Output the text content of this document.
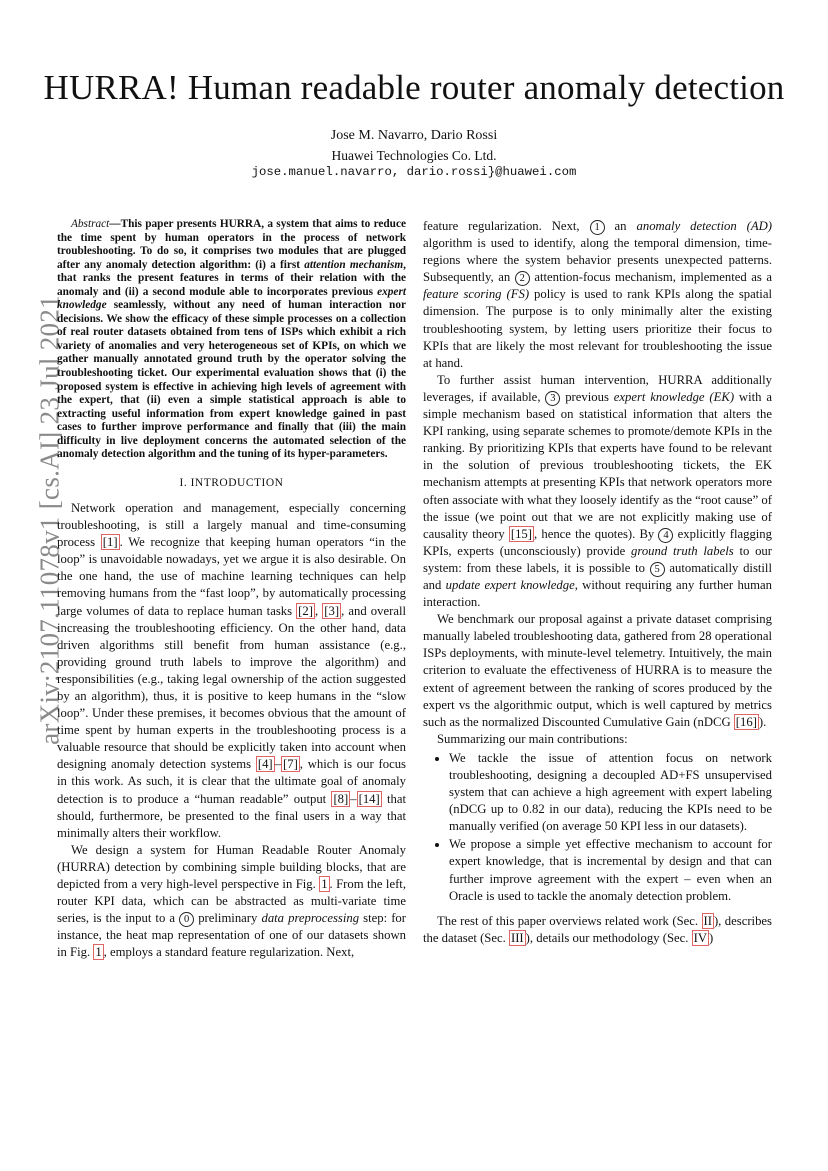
HURRA! Human readable router anomaly detection
Jose M. Navarro, Dario Rossi
Huawei Technologies Co. Ltd.
jose.manuel.navarro, dario.rossi}@huawei.com
arXiv:2107.11078v1 [cs.AI] 23 Jul 2021

Abstract—This paper presents HURRA, a system that aims to reduce the time spent by human operators in the process of network troubleshooting. To do so, it comprises two modules that are plugged after any anomaly detection algorithm: (i) a first attention mechanism, that ranks the present features in terms of their relation with the anomaly and (ii) a second module able to incorporates previous expert knowledge seamlessly, without any need of human interaction nor decisions. We show the efficacy of these simple processes on a collection of real router datasets obtained from tens of ISPs which exhibit a rich variety of anomalies and very heterogeneous set of KPIs, on which we gather manually annotated ground truth by the operator solving the troubleshooting ticket. Our experimental evaluation shows that (i) the proposed system is effective in achieving high levels of agreement with the expert, that (ii) even a simple statistical approach is able to extracting useful information from expert knowledge gained in past cases to further improve performance and finally that (iii) the main difficulty in live deployment concerns the automated selection of the anomaly detection algorithm and the tuning of its hyper-parameters.

I. INTRODUCTION

Network operation and management, especially concerning troubleshooting, is still a largely manual and time-consuming process [1] . We recognize that keeping human operators “in the loop” is unavoidable nowadays, yet we argue it is also desirable. On the one hand, the use of machine learning techniques can help removing humans from the “fast loop”, by automatically processing large volumes of data to replace human tasks [2] , [3] , and overall increasing the troubleshooting efficiency. On the other hand, data driven algorithms still benefit from human assistance (e.g., providing ground truth labels to improve the algorithm) and responsibilities (e.g., taking legal ownership of the action suggested by an algorithm), thus, it is positive to keep humans in the “slow loop”. Under these premises, it becomes obvious that the amount of time spent by human experts in the troubleshooting process is a valuable resource that should be explicitly taken into account when designing anomaly detection systems [4] – [7] , which is our focus in this work. As such, it is clear that the ultimate goal of anomaly detection is to produce a “human readable” output [8] – [14] that should, furthermore, be presented to the final users in a way that minimally alters their workflow.

We design a system for Human Readable Router Anomaly (HURRA) detection by combining simple building blocks, that are depicted from a very high-level perspective in Fig. 1 . From the left, router KPI data, which can be abstracted as multi-variate time series, is the input to a 0 preliminary data preprocessing step: for instance, the heat map representation of one of our datasets shown in Fig. 1 , employs a standard feature regularization. Next,

feature regularization. Next, 1 an anomaly detection (AD) algorithm is used to identify, along the temporal dimension, time-regions where the system behavior presents unexpected patterns. Subsequently, an 2 attention-focus mechanism, implemented as a feature scoring (FS) policy is used to rank KPIs along the spatial dimension. The purpose is to only minimally alter the existing troubleshooting system, by letting users prioritize their focus to KPIs that are likely the most relevant for troubleshooting the issue at hand.

To further assist human intervention, HURRA additionally leverages, if available, 3 previous expert knowledge (EK) with a simple mechanism based on statistical information that alters the KPI ranking, using separate schemes to promote/demote KPIs in the ranking. By prioritizing KPIs that experts have found to be relevant in the solution of previous troubleshooting tickets, the EK mechanism attempts at presenting KPIs that network operators more often associate with what they loosely identify as the “root cause” of the issue (we point out that we are not explicitly making use of causality theory [15] , hence the quotes). By 4 explicitly flagging KPIs, experts (unconsciously) provide ground truth labels to our system: from these labels, it is possible to 5 automatically distill and update expert knowledge, without requiring any further human interaction.

We benchmark our proposal against a private dataset comprising manually labeled troubleshooting data, gathered from 28 operational ISPs deployments, with minute-level telemetry. Intuitively, the main criterion to evaluate the effectiveness of HURRA is to measure the extent of agreement between the ranking of scores produced by the expert vs the algorithmic output, which is well captured by metrics such as the normalized Discounted Cumulative Gain (nDCG [16] ).

Summarizing our main contributions:

• We tackle the issue of attention focus on network troubleshooting, designing a decoupled AD+FS unsupervised system that can achieve a high agreement with expert labeling (nDCG up to 0.82 in our data), reducing the KPIs need to be manually verified (on average 50 KPI less in our datasets).
• We propose a simple yet effective mechanism to account for expert knowledge, that is incremental by design and that can further improve agreement with the expert – even when an Oracle is used to tackle the anomaly detection problem.

The rest of this paper overviews related work (Sec. II ), describes the dataset (Sec. III ), details our methodology (Sec. IV )
